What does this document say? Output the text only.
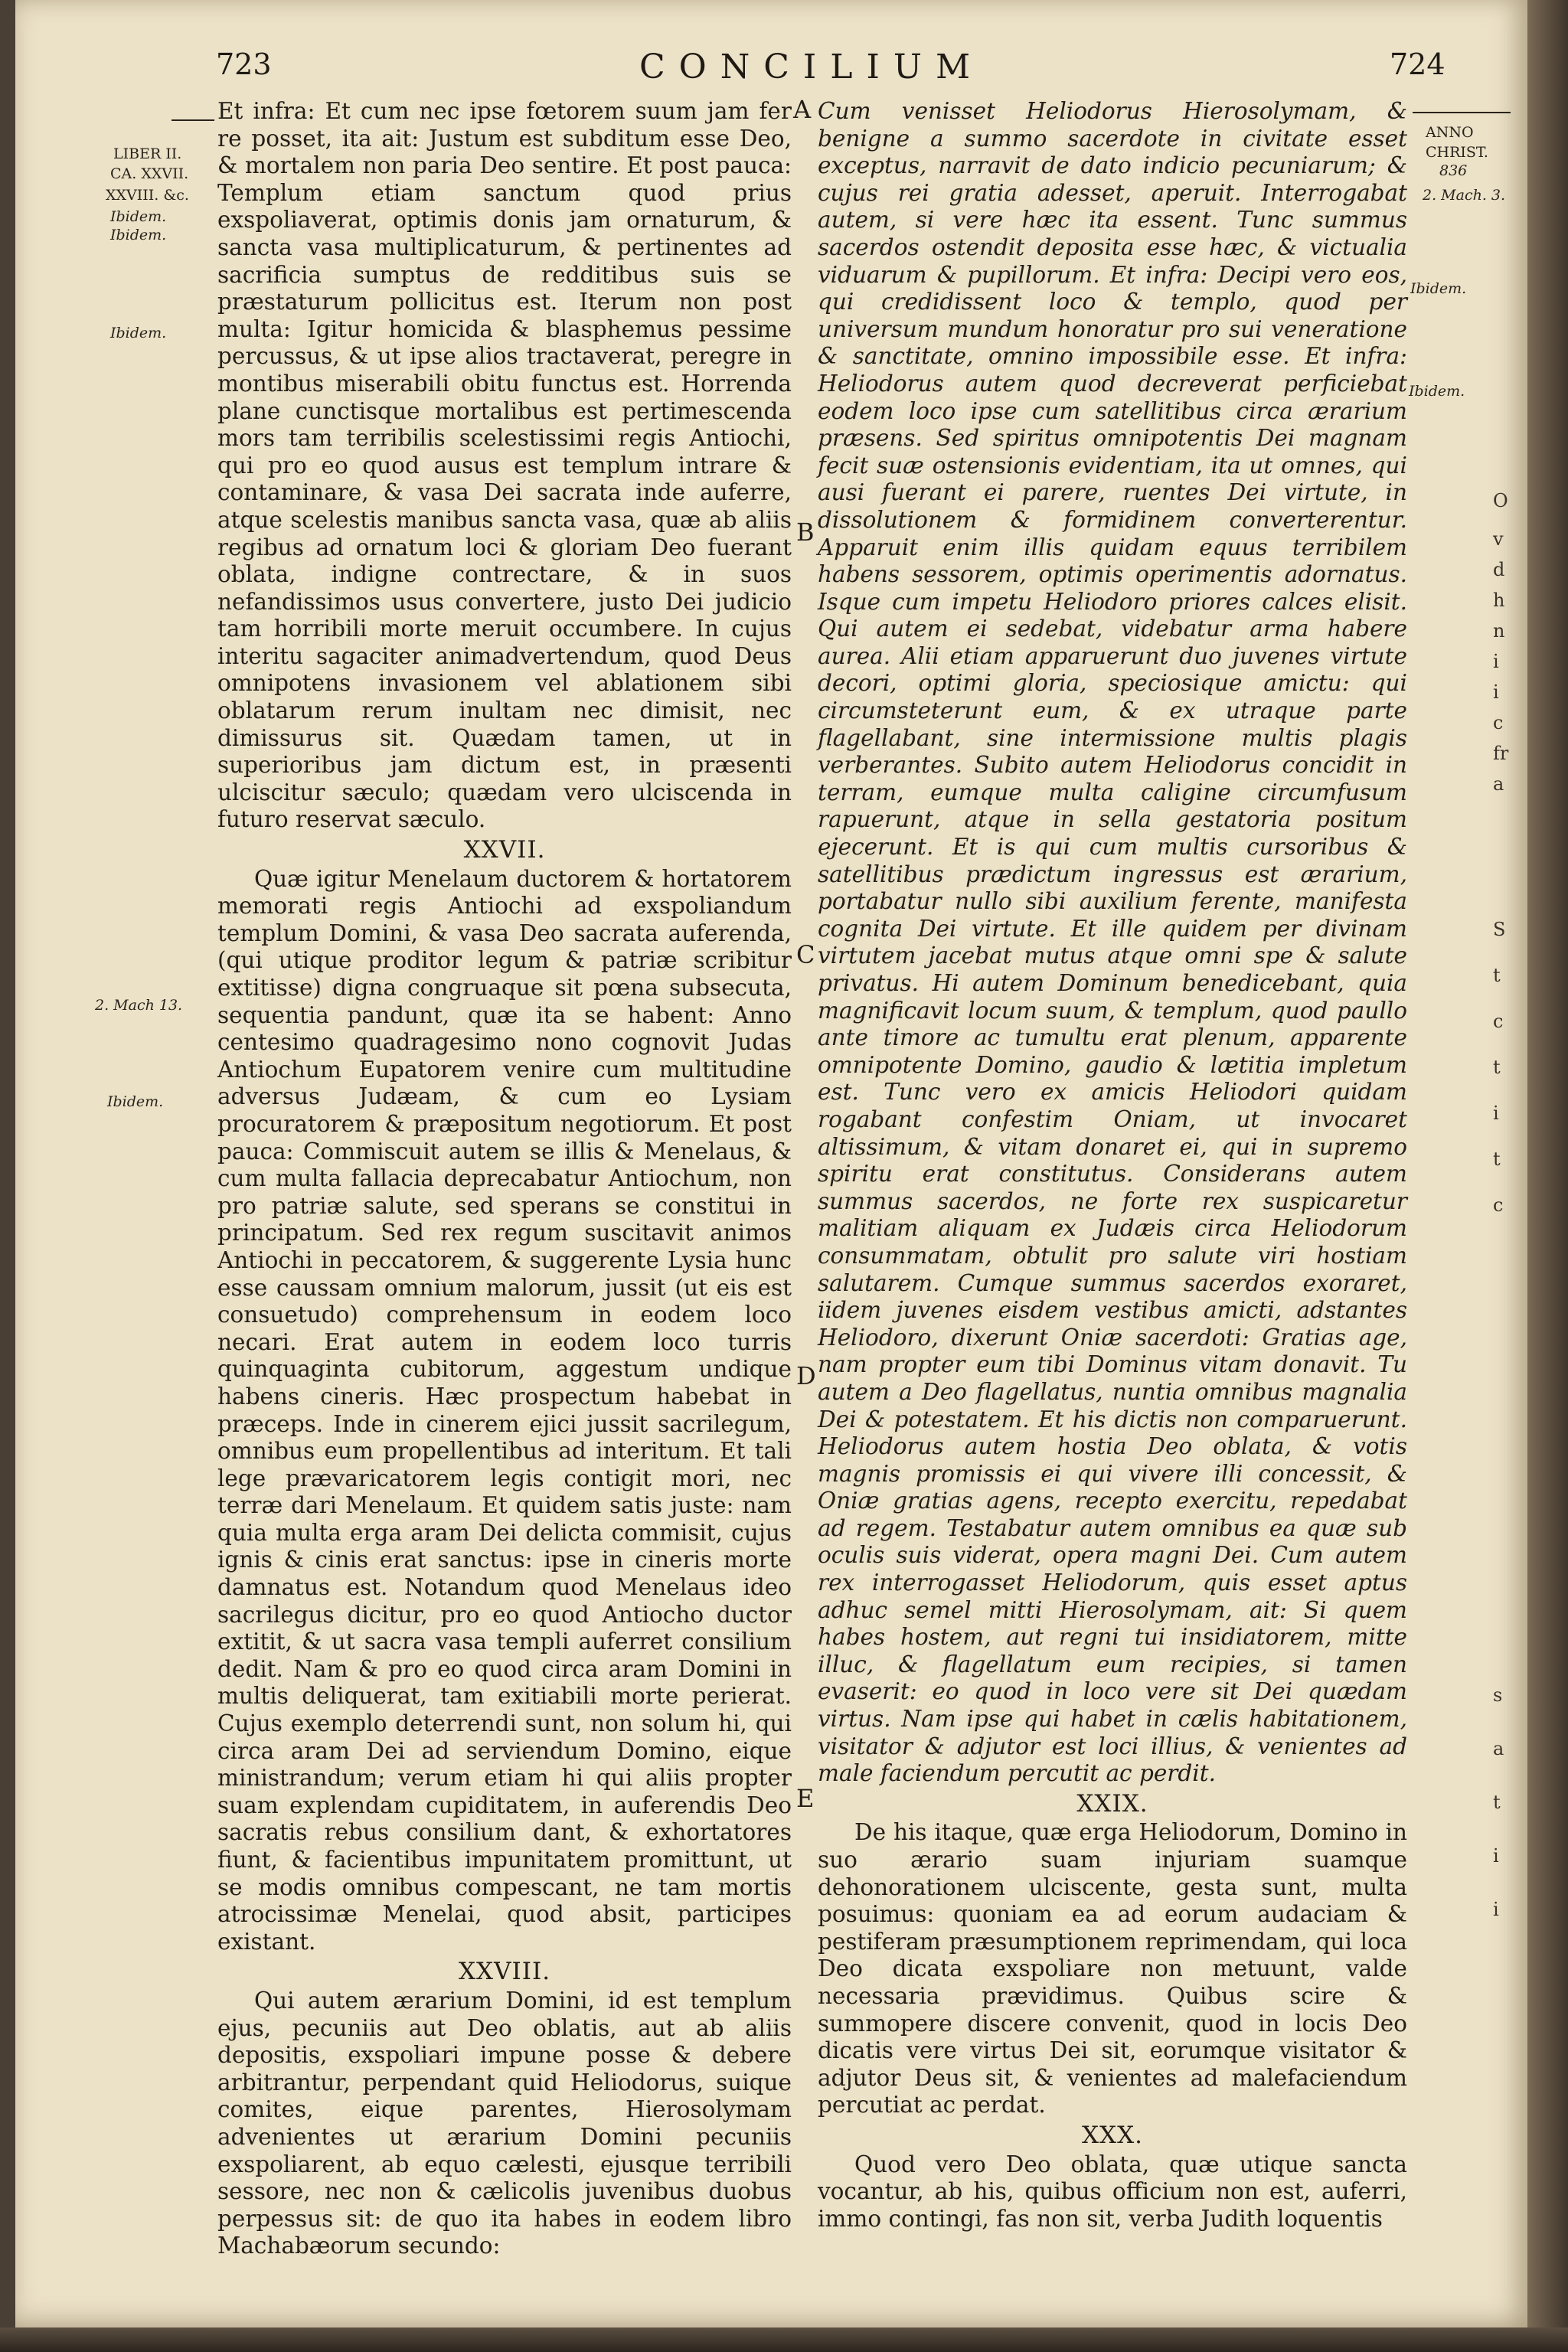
723	CONCILIUM	724
LIBER II.
CA. XXVII.
XXVIII. &c.
Ibidem.
Ibidem.
Ibidem.
2. Mach 13.
Ibidem.
ANNO
CHRIST.
836
2. Mach. 3.
Ibidem.
Ibidem.
A
B
C
D
E

Et infra: Et cum nec ipse fœtorem suum jam fer re posset, ita ait: Justum est subditum esse Deo, & mortalem non paria Deo sentire. Et post pauca: Templum etiam sanctum quod prius exspoliaverat, optimis donis jam ornaturum, & sancta vasa multiplicaturum, & pertinentes ad sacrificia sumptus de redditibus suis se præstaturum pollicitus est. Iterum non post multa: Igitur homicida & blasphemus pessime percussus, & ut ipse alios tractaverat, peregre in montibus miserabili obitu functus est. Horrenda plane cunctisque mortalibus est pertimescenda mors tam terribilis scelestissimi regis Antiochi, qui pro eo quod ausus est templum intrare & contaminare, & vasa Dei sacrata inde auferre, atque scelestis manibus sancta vasa, quæ ab aliis regibus ad ornatum loci & gloriam Deo fuerant oblata, indigne contrectare, & in suos nefandissimos usus convertere, justo Dei judicio tam horribili morte meruit occumbere. In cujus interitu sagaciter animadvertendum, quod Deus omnipotens invasionem vel ablationem sibi oblatarum rerum inultam nec dimisit, nec dimissurus sit. Quædam tamen, ut in superioribus jam dictum est, in præsenti ulciscitur sæculo; quædam vero ulciscenda in futuro reservat sæculo.

XXVII.

Quæ igitur Menelaum ductorem & hortatorem memorati regis Antiochi ad exspoliandum templum Domini, & vasa Deo sacrata auferenda, (qui utique proditor legum & patriæ scribitur extitisse) digna congruaque sit pœna subsecuta, sequentia pandunt, quæ ita se habent: Anno centesimo quadragesimo nono cognovit Judas Antiochum Eupatorem venire cum multitudine adversus Judæam, & cum eo Lysiam procuratorem & præpositum negotiorum. Et post pauca: Commiscuit autem se illis & Menelaus, & cum multa fallacia deprecabatur Antiochum, non pro patriæ salute, sed sperans se constitui in principatum. Sed rex regum suscitavit animos Antiochi in peccatorem, & suggerente Lysia hunc esse caussam omnium malorum, jussit (ut eis est consuetudo) comprehensum in eodem loco necari. Erat autem in eodem loco turris quinquaginta cubitorum, aggestum undique habens cineris. Hæc prospectum habebat in præceps. Inde in cinerem ejici jussit sacrilegum, omnibus eum propellentibus ad interitum. Et tali lege prævaricatorem legis contigit mori, nec terræ dari Menelaum. Et quidem satis juste: nam quia multa erga aram Dei delicta commisit, cujus ignis & cinis erat sanctus: ipse in cineris morte damnatus est. Notandum quod Menelaus ideo sacrilegus dicitur, pro eo quod Antiocho ductor extitit, & ut sacra vasa templi auferret consilium dedit. Nam & pro eo quod circa aram Domini in multis deliquerat, tam exitiabili morte perierat. Cujus exemplo deterrendi sunt, non solum hi, qui circa aram Dei ad serviendum Domino, eique ministrandum; verum etiam hi qui aliis propter suam explendam cupiditatem, in auferendis Deo sacratis rebus consilium dant, & exhortatores fiunt, & facientibus impunitatem promittunt, ut se modis omnibus compescant, ne tam mortis atrocissimæ Menelai, quod absit, participes existant.

XXVIII.

Qui autem ærarium Domini, id est templum ejus, pecuniis aut Deo oblatis, aut ab aliis depositis, exspoliari impune posse & debere arbitrantur, perpendant quid Heliodorus, suique comites, eique parentes, Hierosolymam advenientes ut ærarium Domini pecuniis exspoliarent, ab equo cælesti, ejusque terribili sessore, nec non & cælicolis juvenibus duobus perpessus sit: de quo ita habes in eodem libro Machabæorum secundo:

Cum venisset Heliodorus Hierosolymam, & benigne a summo sacerdote in civitate esset exceptus, narravit de dato indicio pecuniarum; & cujus rei gratia adesset, aperuit. Interrogabat autem, si vere hæc ita essent. Tunc summus sacerdos ostendit deposita esse hæc, & victualia viduarum & pupillorum. Et infra: Decipi vero eos, qui credidissent loco & templo, quod per universum mundum honoratur pro sui veneratione & sanctitate, omnino impossibile esse. Et infra: Heliodorus autem quod decreverat perficiebat eodem loco ipse cum satellitibus circa ærarium præsens. Sed spiritus omnipotentis Dei magnam fecit suæ ostensionis evidentiam, ita ut omnes, qui ausi fuerant ei parere, ruentes Dei virtute, in dissolutionem & formidinem converterentur. Apparuit enim illis quidam equus terribilem habens sessorem, optimis operimentis adornatus. Isque cum impetu Heliodoro priores calces elisit. Qui autem ei sedebat, videbatur arma habere aurea. Alii etiam apparuerunt duo juvenes virtute decori, optimi gloria, speciosique amictu: qui circumsteterunt eum, & ex utraque parte flagellabant, sine intermissione multis plagis verberantes. Subito autem Heliodorus concidit in terram, eumque multa caligine circumfusum rapuerunt, atque in sella gestatoria positum ejecerunt. Et is qui cum multis cursoribus & satellitibus prædictum ingressus est ærarium, portabatur nullo sibi auxilium ferente, manifesta cognita Dei virtute. Et ille quidem per divinam virtutem jacebat mutus atque omni spe & salute privatus. Hi autem Dominum benedicebant, quia magnificavit locum suum, & templum, quod paullo ante timore ac tumultu erat plenum, apparente omnipotente Domino, gaudio & lætitia impletum est. Tunc vero ex amicis Heliodori quidam rogabant confestim Oniam, ut invocaret altissimum, & vitam donaret ei, qui in supremo spiritu erat constitutus. Considerans autem summus sacerdos, ne forte rex suspicaretur malitiam aliquam ex Judæis circa Heliodorum consummatam, obtulit pro salute viri hostiam salutarem. Cumque summus sacerdos exoraret, iidem juvenes eisdem vestibus amicti, adstantes Heliodoro, dixerunt Oniæ sacerdoti: Gratias age, nam propter eum tibi Dominus vitam donavit. Tu autem a Deo flagellatus, nuntia omnibus magnalia Dei & potestatem. Et his dictis non comparuerunt. Heliodorus autem hostia Deo oblata, & votis magnis promissis ei qui vivere illi concessit, & Oniæ gratias agens, recepto exercitu, repedabat ad regem. Testabatur autem omnibus ea quæ sub oculis suis viderat, opera magni Dei. Cum autem rex interrogasset Heliodorum, quis esset aptus adhuc semel mitti Hierosolymam, ait: Si quem habes hostem, aut regni tui insidiatorem, mitte illuc, & flagellatum eum recipies, si tamen evaserit: eo quod in loco vere sit Dei quædam virtus. Nam ipse qui habet in cælis habitationem, visitator & adjutor est loci illius, & venientes ad male faciendum percutit ac perdit.

XXIX.

De his itaque, quæ erga Heliodorum, Domino in suo ærario suam injuriam suamque dehonorationem ulciscente, gesta sunt, multa posuimus: quoniam ea ad eorum audaciam & pestiferam præsumptionem reprimendam, qui loca Deo dicata exspoliare non metuunt, valde necessaria prævidimus. Quibus scire & summopere discere convenit, quod in locis Deo dicatis vere virtus Dei sit, eorumque visitator & adjutor Deus sit, & venientes ad malefaciendum percutiat ac perdat.

XXX.

Quod vero Deo oblata, quæ utique sancta vocantur, ab his, quibus officium non est, auferri, immo contingi, fas non sit, verba Judith loquentis

O
v
d
h
n
i
i
c
fr
a
S
t
c
t
i
t
c
s
a
t
i
i
